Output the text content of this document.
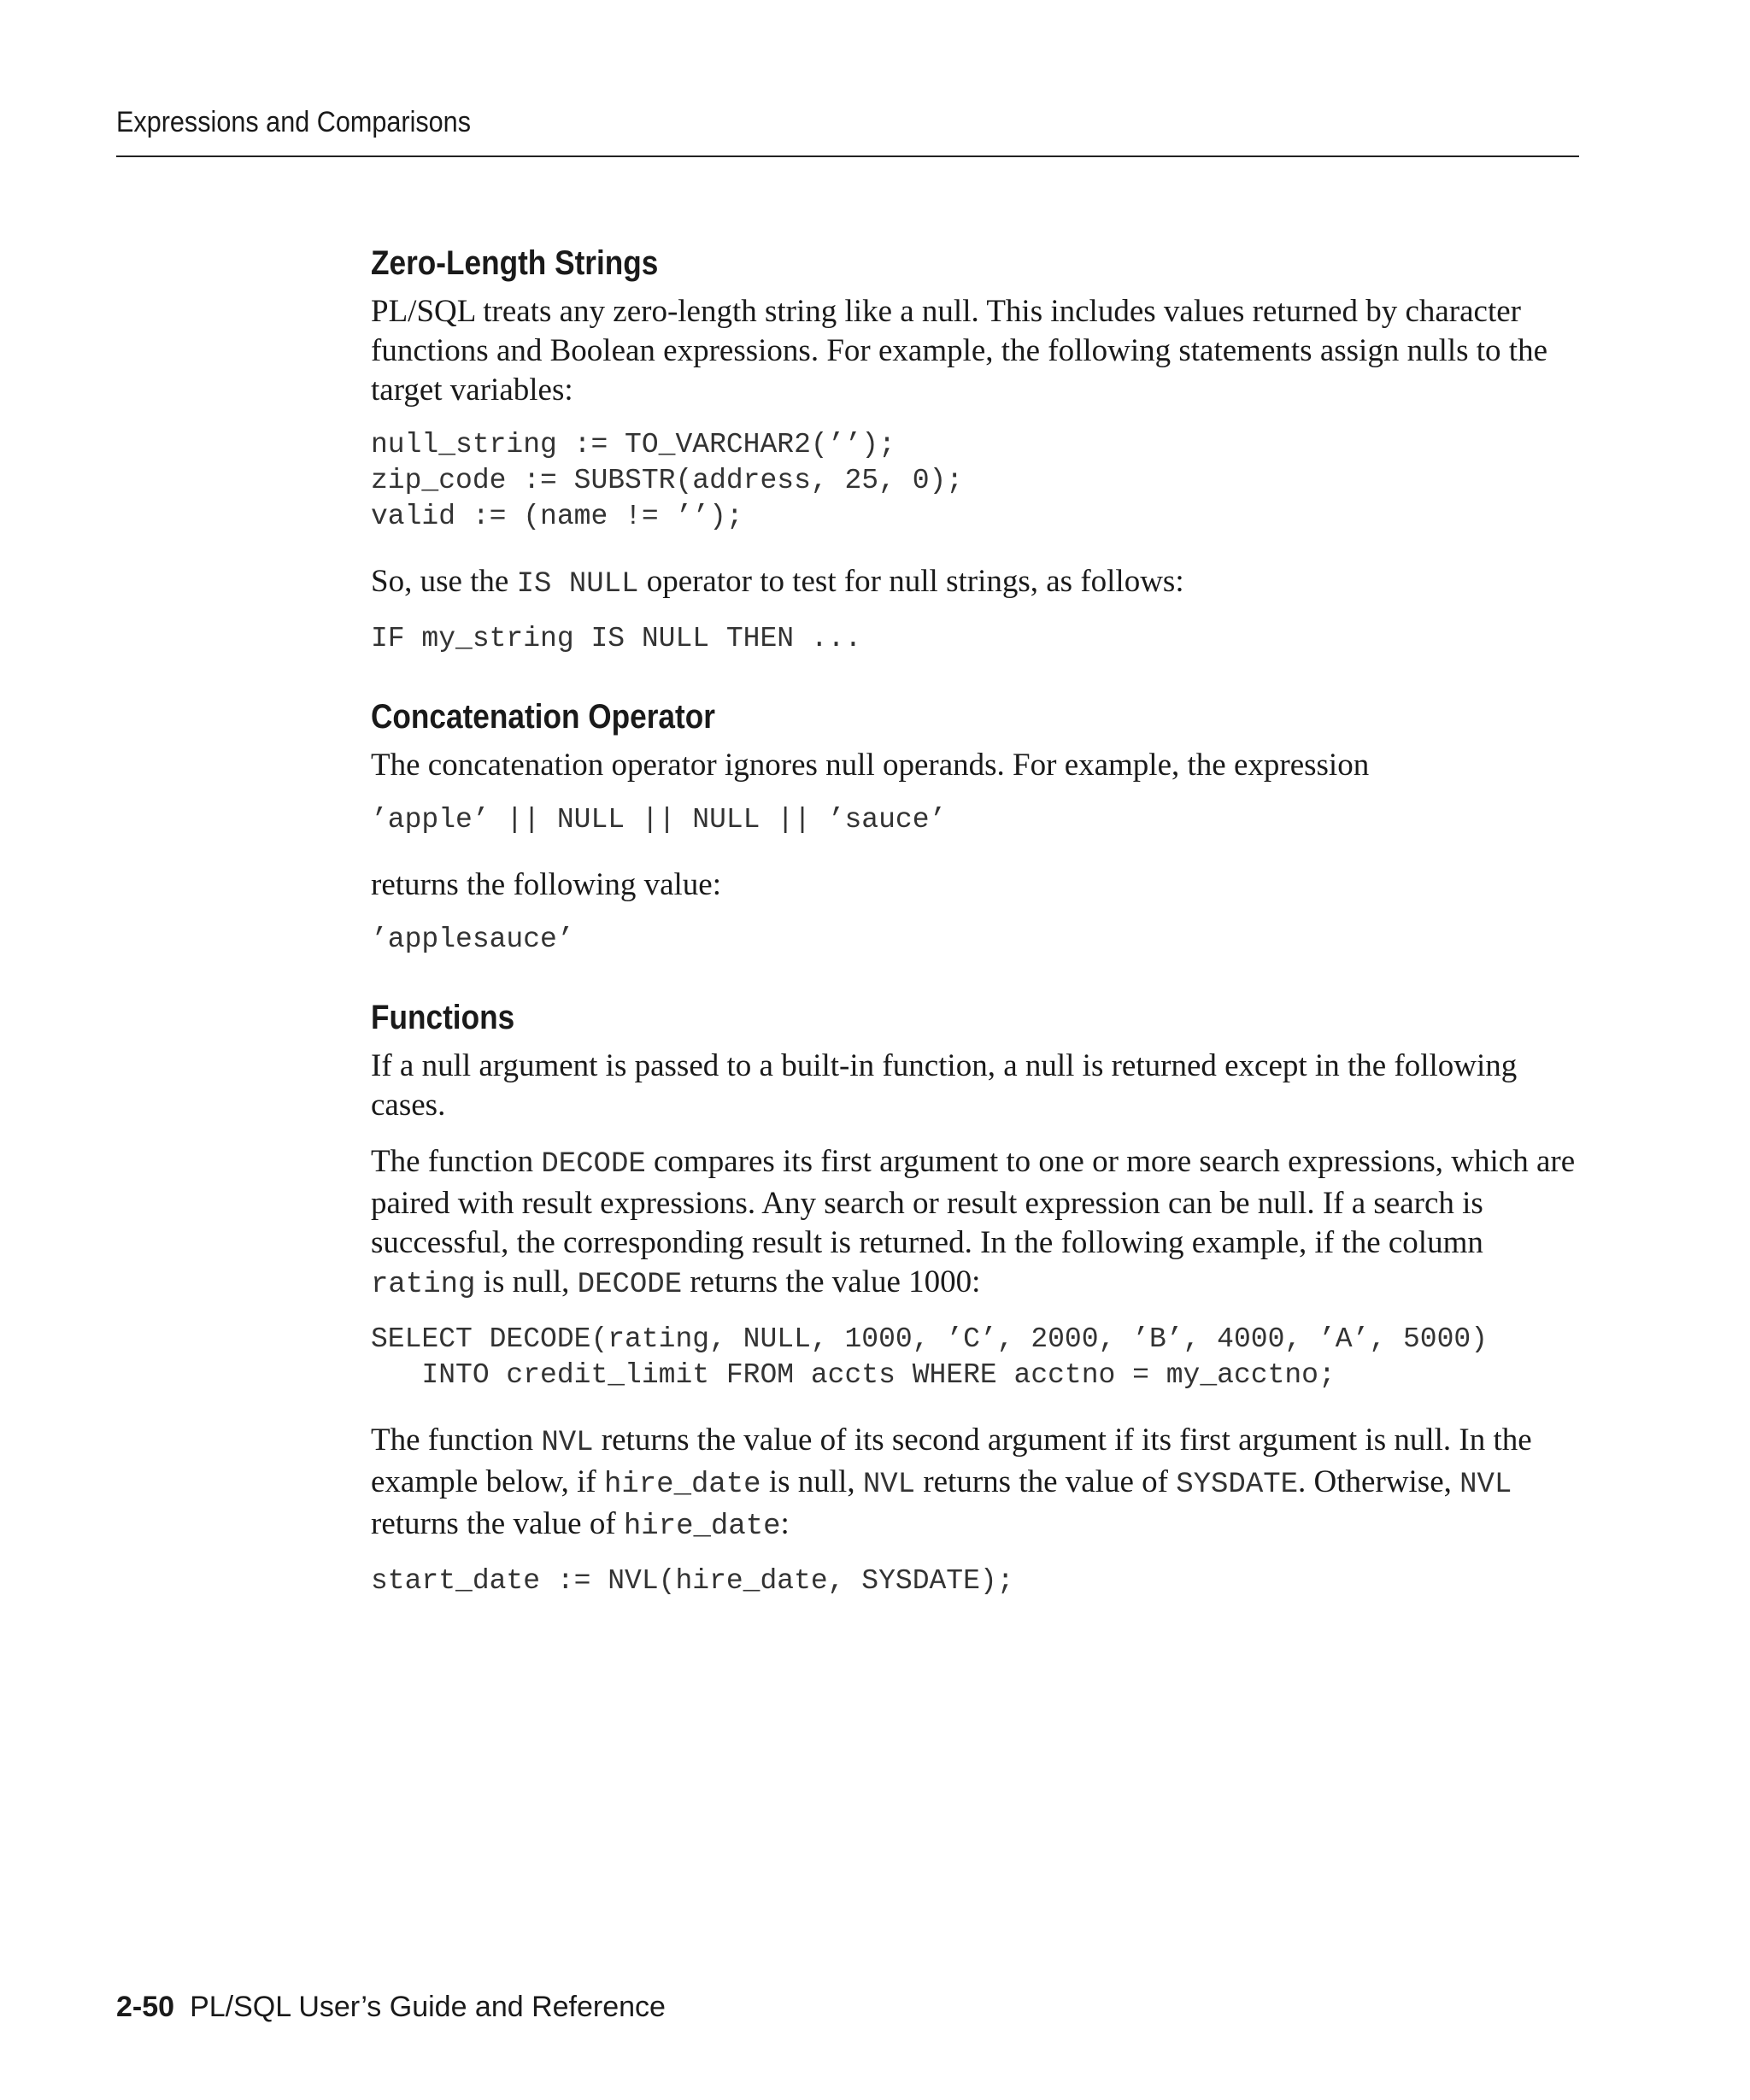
Expressions and Comparisons
Zero-Length Strings

PL/SQL treats any zero-length string like a null. This includes values returned by character functions and Boolean expressions. For example, the following statements assign nulls to the target variables:

null_string := TO_VARCHAR2(’’);
zip_code := SUBSTR(address, 25, 0);
valid := (name != ’’);

So, use the IS NULL operator to test for null strings, as follows:

IF my_string IS NULL THEN ...
Concatenation Operator

The concatenation operator ignores null operands. For example, the expression

’apple’ || NULL || NULL || ’sauce’

returns the following value:

’applesauce’
Functions

If a null argument is passed to a built-in function, a null is returned except in the following cases.

The function DECODE compares its first argument to one or more search expressions, which are paired with result expressions. Any search or result expression can be null. If a search is successful, the corresponding result is returned. In the following example, if the column rating is null, DECODE returns the value 1000:

SELECT DECODE(rating, NULL, 1000, ’C’, 2000, ’B’, 4000, ’A’, 5000)
INTO credit_limit FROM accts WHERE acctno = my_acctno;

The function NVL returns the value of its second argument if its first argument is null. In the example below, if hire_date is null, NVL returns the value of SYSDATE. Otherwise, NVL returns the value of hire_date:

start_date := NVL(hire_date, SYSDATE);
2-50 PL/SQL User’s Guide and Reference
